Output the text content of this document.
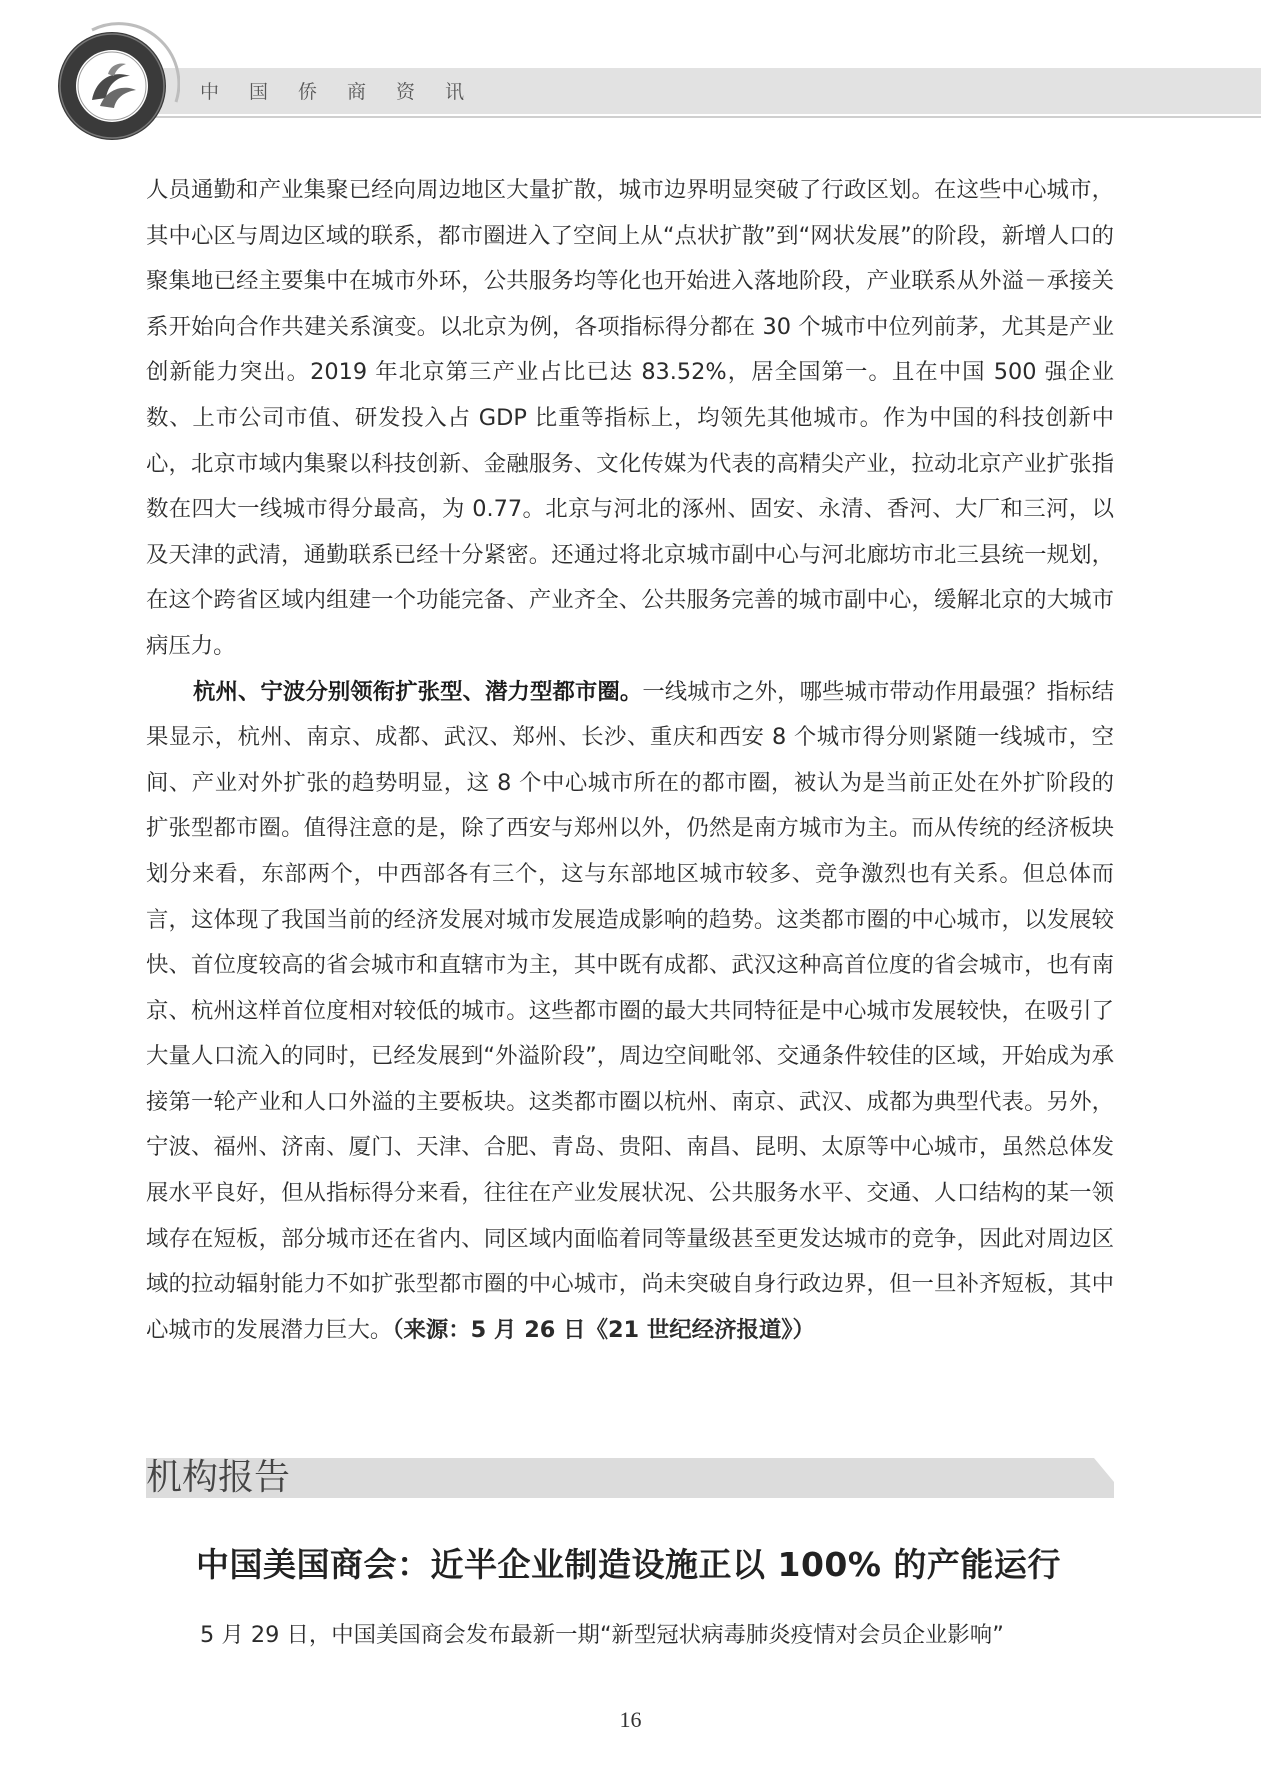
中国侨商资讯

人员通勤和产业集聚已经向周边地区大量扩散，城市边界明显突破了行政区划。在这些中心城市，其中心区与周边区域的联系，都市圈进入了空间上从“点状扩散”到“网状发展”的阶段，新增人口的聚集地已经主要集中在城市外环，公共服务均等化也开始进入落地阶段，产业联系从外溢－承接关系开始向合作共建关系演变。以北京为例，各项指标得分都在 30 个城市中位列前茅，尤其是产业创新能力突出。2019 年北京第三产业占比已达 83.52%，居全国第一。且在中国 500 强企业数、上市公司市值、研发投入占 GDP 比重等指标上，均领先其他城市。作为中国的科技创新中心，北京市域内集聚以科技创新、金融服务、文化传媒为代表的高精尖产业，拉动北京产业扩张指数在四大一线城市得分最高，为 0.77。北京与河北的涿州、固安、永清、香河、大厂和三河，以及天津的武清，通勤联系已经十分紧密。还通过将北京城市副中心与河北廊坊市北三县统一规划，在这个跨省区域内组建一个功能完备、产业齐全、公共服务完善的城市副中心，缓解北京的大城市病压力。

杭州、宁波分别领衔扩张型、潜力型都市圈。一线城市之外，哪些城市带动作用最强？指标结果显示，杭州、南京、成都、武汉、郑州、长沙、重庆和西安 8 个城市得分则紧随一线城市，空间、产业对外扩张的趋势明显，这 8 个中心城市所在的都市圈，被认为是当前正处在外扩阶段的扩张型都市圈。值得注意的是，除了西安与郑州以外，仍然是南方城市为主。而从传统的经济板块划分来看，东部两个，中西部各有三个，这与东部地区城市较多、竞争激烈也有关系。但总体而言，这体现了我国当前的经济发展对城市发展造成影响的趋势。这类都市圈的中心城市，以发展较快、首位度较高的省会城市和直辖市为主，其中既有成都、武汉这种高首位度的省会城市，也有南京、杭州这样首位度相对较低的城市。这些都市圈的最大共同特征是中心城市发展较快，在吸引了大量人口流入的同时，已经发展到“外溢阶段”，周边空间毗邻、交通条件较佳的区域，开始成为承接第一轮产业和人口外溢的主要板块。这类都市圈以杭州、南京、武汉、成都为典型代表。另外，宁波、福州、济南、厦门、天津、合肥、青岛、贵阳、南昌、昆明、太原等中心城市，虽然总体发展水平良好，但从指标得分来看，往往在产业发展状况、公共服务水平、交通、人口结构的某一领域存在短板，部分城市还在省内、同区域内面临着同等量级甚至更发达城市的竞争，因此对周边区域的拉动辐射能力不如扩张型都市圈的中心城市，尚未突破自身行政边界，但一旦补齐短板，其中心城市的发展潜力巨大。（来源：5 月 26 日《21 世纪经济报道》）

机构报告
中国美国商会：近半企业制造设施正以 100% 的产能运行

5 月 29 日，中国美国商会发布最新一期“新型冠状病毒肺炎疫情对会员企业影响”

16
